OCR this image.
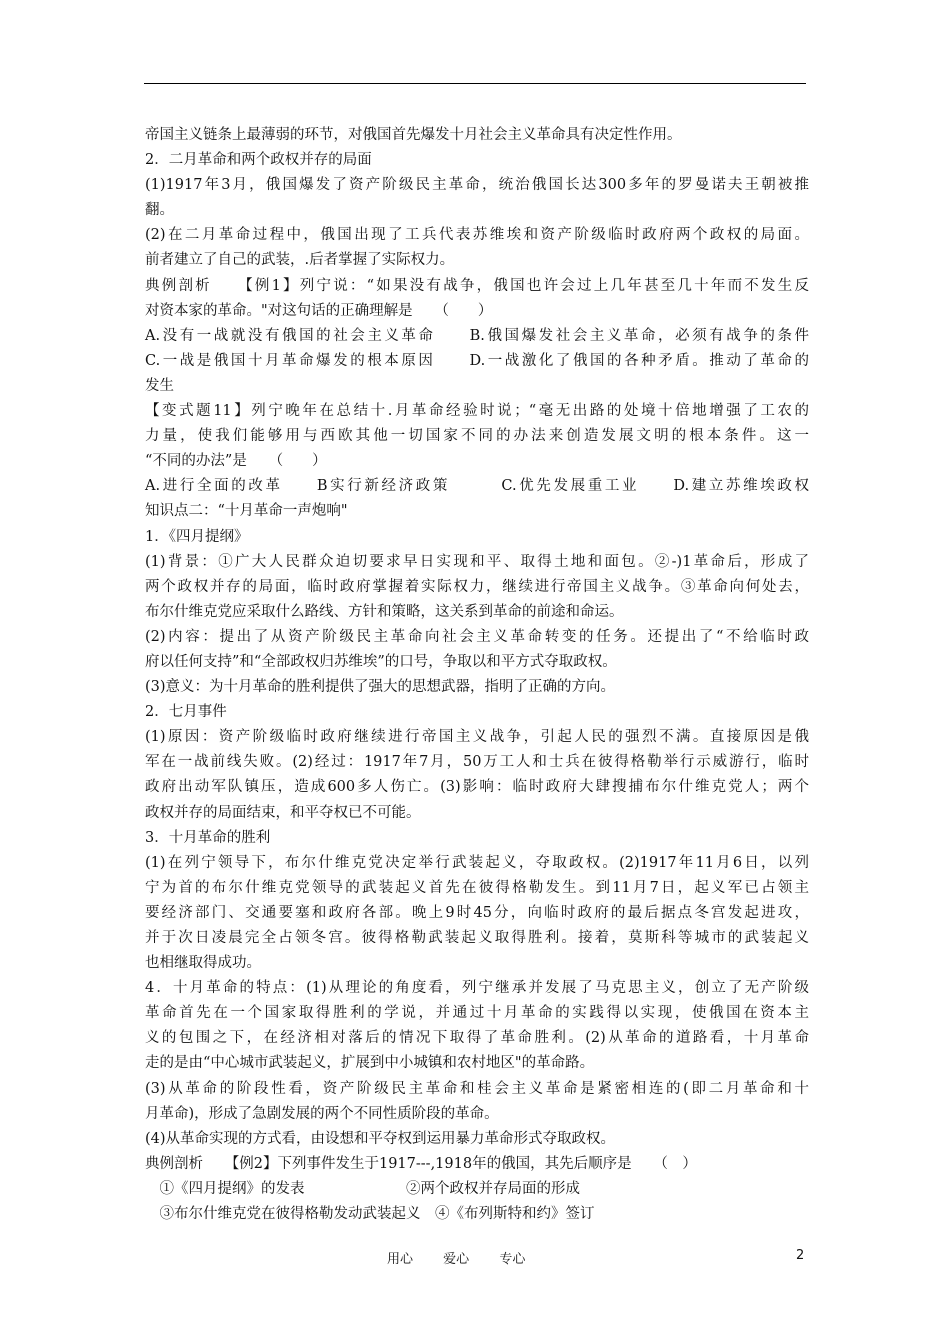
帝国主义链条上最薄弱的环节，对俄国首先爆发十月社会主义革命具有决定性作用。
2．二月革命和两个政权并存的局面
(1)1917年3月，俄国爆发了资产阶级民主革命，统治俄国长达300多年的罗曼诺夫王朝被推
翻。
(2)在二月革命过程中，俄国出现了工兵代表苏维埃和资产阶级临时政府两个政权的局面。
前者建立了自己的武装，.后者掌握了实际权力。
典例剖析　　【例1】列宁说：“如果没有战争，俄国也许会过上几年甚至几十年而不发生反
对资本家的革命。"对这句话的正确理解是　　（　　）
A.没有一战就没有俄国的社会主义革命　　B.俄国爆发社会主义革命，必须有战争的条件
C.一战是俄国十月革命爆发的根本原因　　D.一战激化了俄国的各种矛盾。推动了革命的
发生
【变式题11】列宁晚年在总结十.月革命经验时说；“毫无出路的处境十倍地增强了工农的
力量，使我们能够用与西欧其他一切国家不同的办法来创造发展文明的根本条件。这一
“不同的办法”是　　（　　）
A.进行全面的改革　　B实行新经济政策　　　C.优先发展重工业　　D.建立苏维埃政权
知识点二：“十月革命一声炮响"
1．《四月提纲》
(1)背景：①广大人民群众迫切要求早日实现和平、取得土地和面包。②-)1革命后，形成了
两个政权并存的局面，临时政府掌握着实际权力，继续进行帝国主义战争。③革命向何处去，
布尔什维克党应采取什么路线、方针和策略，这关系到革命的前途和命运。
(2)内容：提出了从资产阶级民主革命向社会主义革命转变的任务。还提出了“不给临时政
府以任何支持”和“全部政权归苏维埃”的口号，争取以和平方式夺取政权。
(3)意义：为十月革命的胜利提供了强大的思想武器，指明了正确的方向。
2．七月事件
(1)原因：资产阶级临时政府继续进行帝国主义战争，引起人民的强烈不满。直接原因是俄
军在一战前线失败。(2)经过：1917年7月，50万工人和士兵在彼得格勒举行示威游行，临时
政府出动军队镇压，造成600多人伤亡。(3)影响：临时政府大肆搜捕布尔什维克党人；两个
政权并存的局面结束，和平夺权已不可能。
3．十月革命的胜利
(1)在列宁领导下，布尔什维克党决定举行武装起义，夺取政权。(2)1917年11月6日，以列
宁为首的布尔什维克党领导的武装起义首先在彼得格勒发生。到11月7日，起义军已占领主
要经济部门、交通要塞和政府各部。晚上9时45分，向临时政府的最后据点冬宫发起进攻，
并于次日凌晨完全占领冬宫。彼得格勒武装起义取得胜利。接着，莫斯科等城市的武装起义
也相继取得成功。
4．十月革命的特点：(1)从理论的角度看，列宁继承并发展了马克思主义，创立了无产阶级
革命首先在一个国家取得胜利的学说，并通过十月革命的实践得以实现，使俄国在资本主
义的包围之下，在经济相对落后的情况下取得了革命胜利。(2)从革命的道路看，十月革命
走的是由“中心城市武装起义，扩展到中小城镇和农村地区"的革命路。
(3)从革命的阶段性看，资产阶级民主革命和桂会主义革命是紧密相连的(即二月革命和十
月革命)，形成了急剧发展的两个不同性质阶段的革命。
(4)从革命实现的方式看，由设想和平夺权到运用暴力革命形式夺取政权。
典例剖析　　【例2】下列事件发生于1917---,1918年的俄国，其先后顺序是　　（　）
　①《四月提纲》的发表　　　　　　　②两个政权并存局面的形成
　③布尔什维克党在彼得格勒发动武装起义　④《布列斯特和约》签订
用心 爱心 专心	2
